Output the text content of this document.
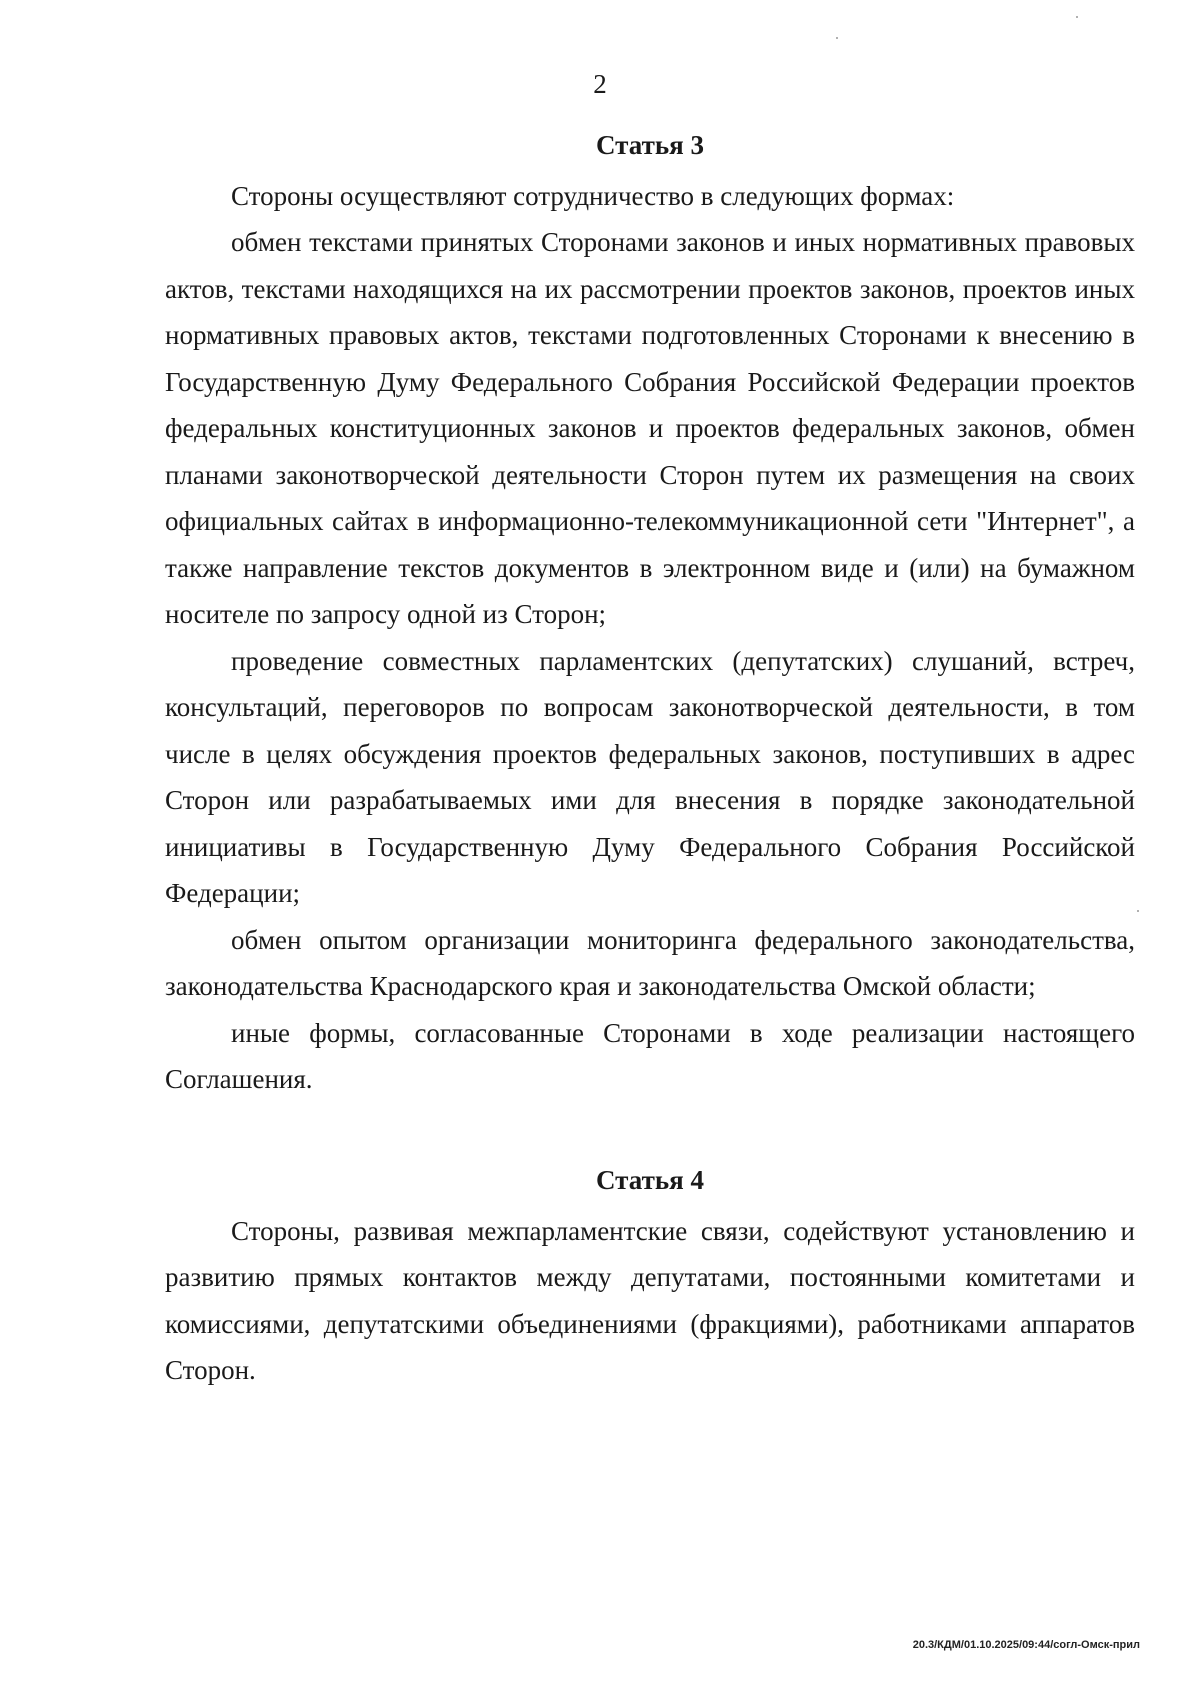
2
Статья 3

Стороны осуществляют сотрудничество в следующих формах:

обмен текстами принятых Сторонами законов и иных нормативных правовых актов, текстами находящихся на их рассмотрении проектов законов, проектов иных нормативных правовых актов, текстами подготовленных Сторонами к внесению в Государственную Думу Федерального Собрания Российской Федерации проектов федеральных конституционных законов и проектов федеральных законов, обмен планами законотворческой деятельности Сторон путем их размещения на своих официальных сайтах в информационно-телекоммуникационной сети "Интернет", а также направление текстов документов в электронном виде и (или) на бумажном носителе по запросу одной из Сторон;

проведение совместных парламентских (депутатских) слушаний, встреч, консультаций, переговоров по вопросам законотворческой деятельности, в том числе в целях обсуждения проектов федеральных законов, поступивших в адрес Сторон или разрабатываемых ими для внесения в порядке законодательной инициативы в Государственную Думу Федерального Собрания Российской Федерации;

обмен опытом организации мониторинга федерального законодательства, законодательства Краснодарского края и законодательства Омской области;

иные формы, согласованные Сторонами в ходе реализации настоящего Соглашения.

Статья 4

Стороны, развивая межпарламентские связи, содействуют установлению и развитию прямых контактов между депутатами, постоянными комитетами и комиссиями, депутатскими объединениями (фракциями), работниками аппаратов Сторон.

20.3/КДМ/01.10.2025/09:44/согл-Омск-прил
